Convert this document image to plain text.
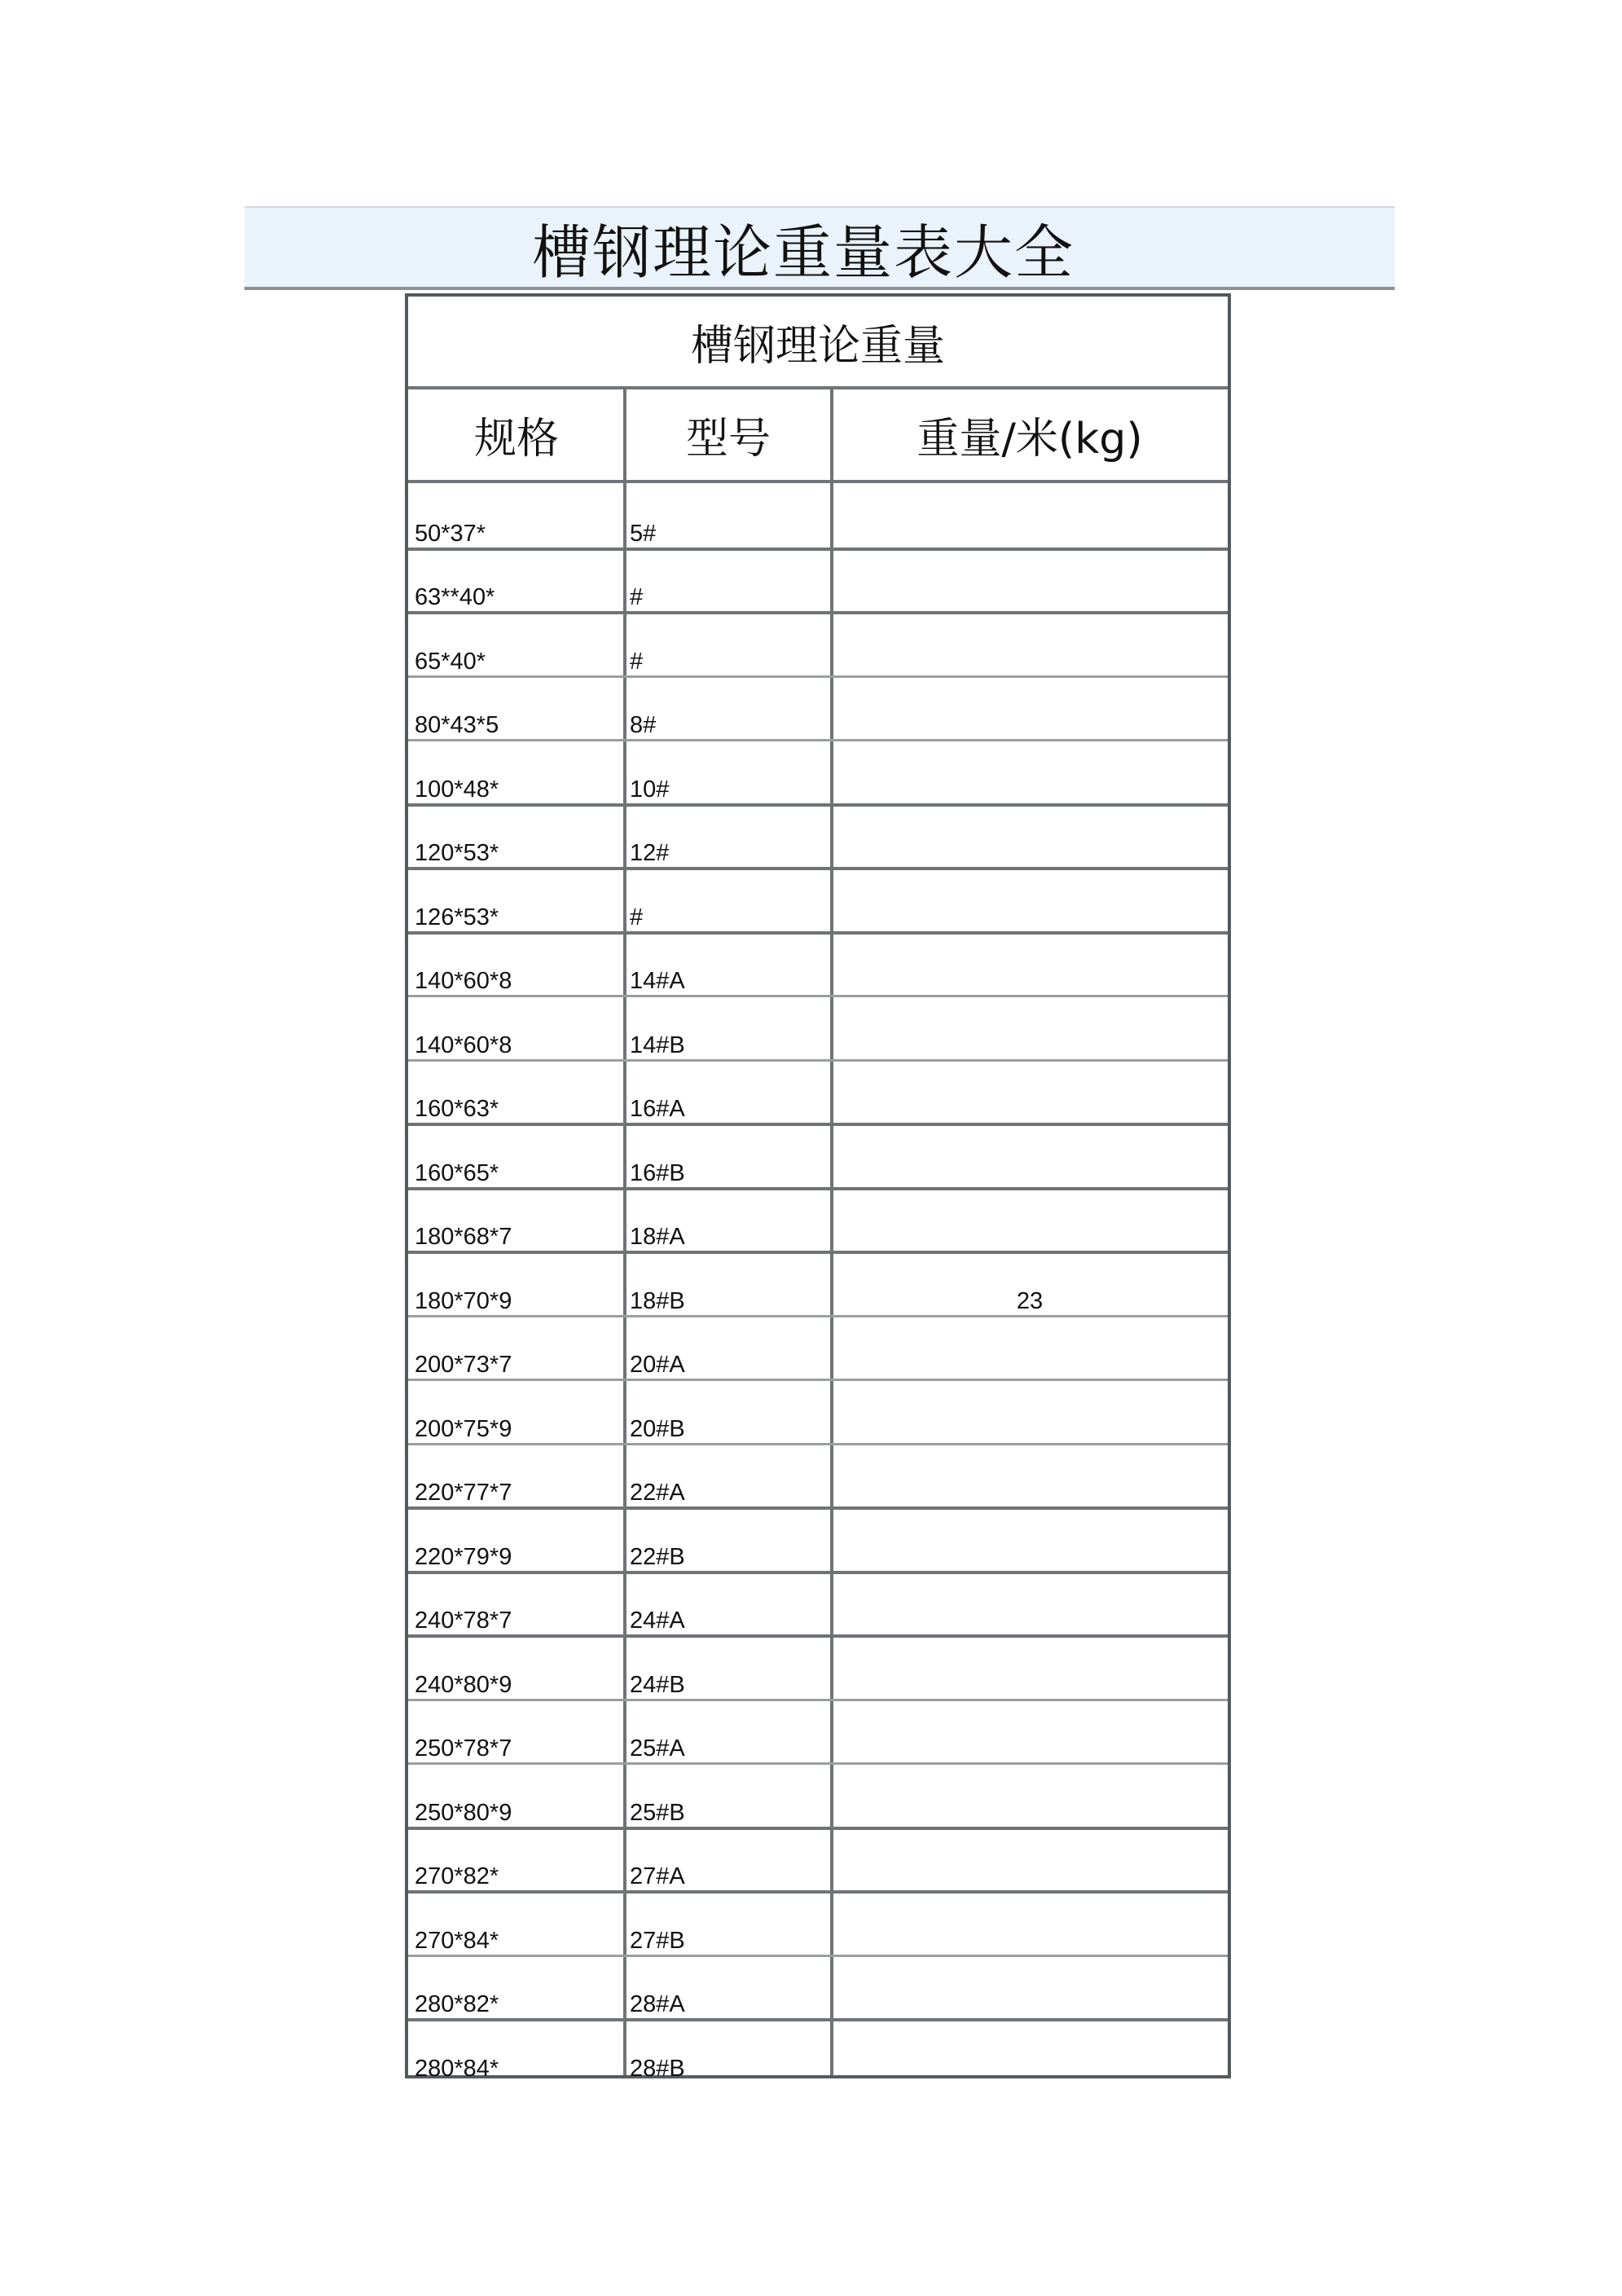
槽钢理论重量表大全
槽钢理论重量
规格	型号	重量/米(kg)
50*37*	5#
63**40*	#
65*40*	#
80*43*5	8#
100*48*	10#
120*53*	12#
126*53*	#
140*60*8	14#A
140*60*8	14#B
160*63*	16#A
160*65*	16#B
180*68*7	18#A
180*70*9	18#B	23
200*73*7	20#A
200*75*9	20#B
220*77*7	22#A
220*79*9	22#B
240*78*7	24#A
240*80*9	24#B
250*78*7	25#A
250*80*9	25#B
270*82*	27#A
270*84*	27#B
280*82*	28#A
280*84*	28#B
